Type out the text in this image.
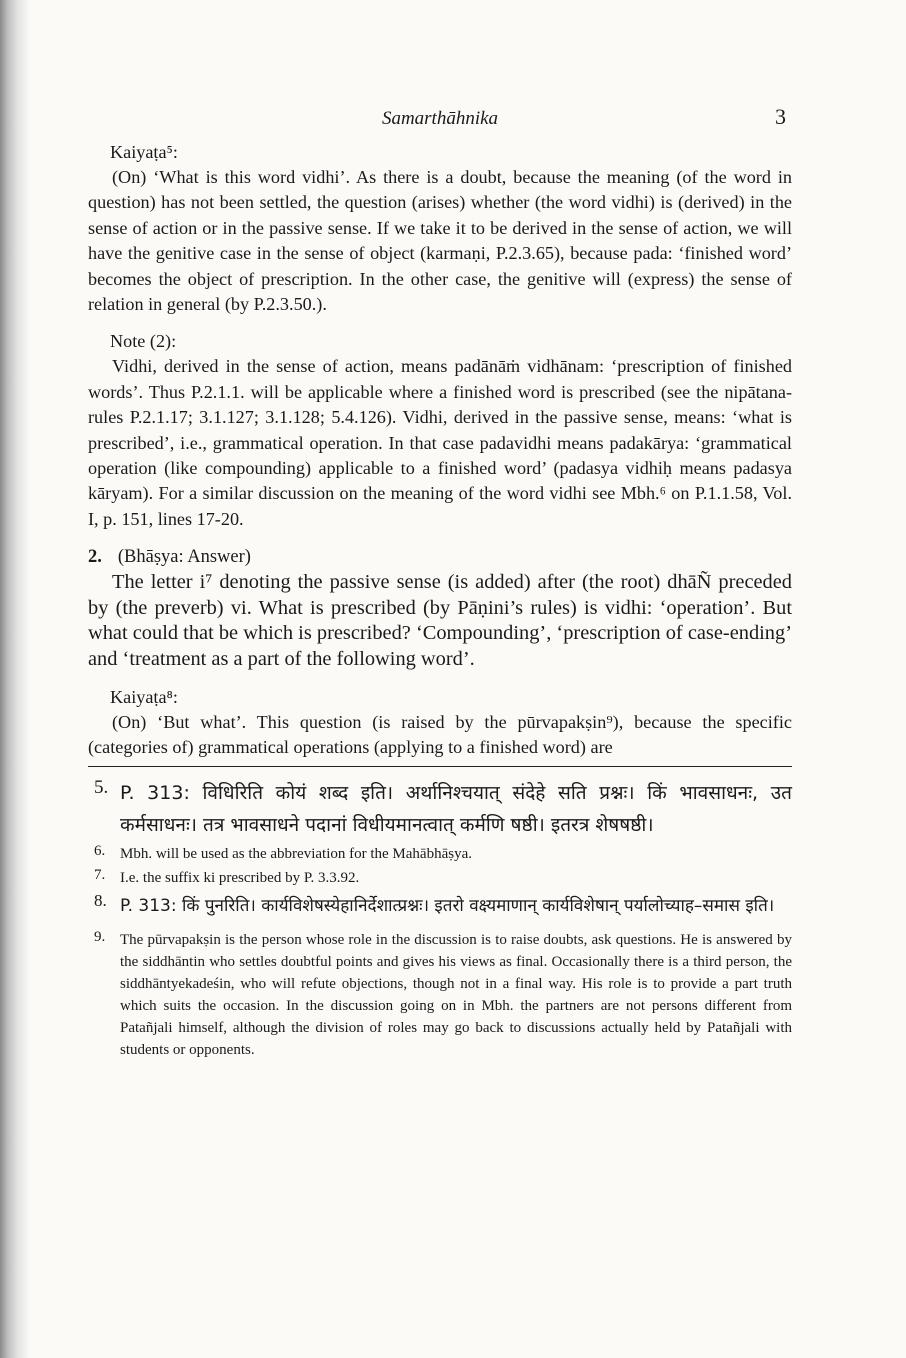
Samarthāhnika	3

Kaiyaṭa⁵:

(On) ‘What is this word vidhi’. As there is a doubt, because the meaning (of the word in question) has not been settled, the question (arises) whether (the word vidhi) is (derived) in the sense of action or in the passive sense. If we take it to be derived in the sense of action, we will have the genitive case in the sense of object (karmaṇi, P.2.3.65), because pada: ‘finished word’ becomes the object of prescription. In the other case, the genitive will (express) the sense of relation in general (by P.2.3.50.).

Note (2):

Vidhi, derived in the sense of action, means padānāṁ vidhānam: ‘prescription of finished words’. Thus P.2.1.1. will be applicable where a finished word is prescribed (see the nipātana-rules P.2.1.17; 3.1.127; 3.1.128; 5.4.126). Vidhi, derived in the passive sense, means: ‘what is prescribed’, i.e., grammatical operation. In that case padavidhi means padakārya: ‘grammatical operation (like compounding) applicable to a finished word’ (padasya vidhiḥ means padasya kāryam). For a similar discussion on the meaning of the word vidhi see Mbh.⁶ on P.1.1.58, Vol. I, p. 151, lines 17-20.

2. (Bhāṣya: Answer)

The letter i⁷ denoting the passive sense (is added) after (the root) dhāÑ preceded by (the preverb) vi. What is prescribed (by Pāṇini’s rules) is vidhi: ‘operation’. But what could that be which is prescribed? ‘Compounding’, ‘prescription of case-ending’ and ‘treatment as a part of the following word’.

Kaiyaṭa⁸:

(On) ‘But what’. This question (is raised by the pūrvapakṣin⁹), because the specific (categories of) grammatical operations (applying to a finished word) are

5. P. 313: विधिरिति कोयं शब्द इति। अर्थानिश्चयात् संदेहे सति प्रश्नः। किं भावसाधनः, उत कर्मसाधनः। तत्र भावसाधने पदानां विधीयमानत्वात् कर्मणि षष्ठी। इतरत्र शेषषष्ठी।
6. Mbh. will be used as the abbreviation for the Mahābhāṣya.
7. I.e. the suffix ki prescribed by P. 3.3.92.
8. P. 313: किं पुनरिति। कार्यविशेषस्येहानिर्देशात्प्रश्नः। इतरो वक्ष्यमाणान् कार्यविशेषान् पर्यालोच्याह–समास इति।
9. The pūrvapakṣin is the person whose role in the discussion is to raise doubts, ask questions. He is answered by the siddhāntin who settles doubtful points and gives his views as final. Occasionally there is a third person, the siddhāntyekadeśin, who will refute objections, though not in a final way. His role is to provide a part truth which suits the occasion. In the discussion going on in Mbh. the partners are not persons different from Patañjali himself, although the division of roles may go back to discussions actually held by Patañjali with students or opponents.
